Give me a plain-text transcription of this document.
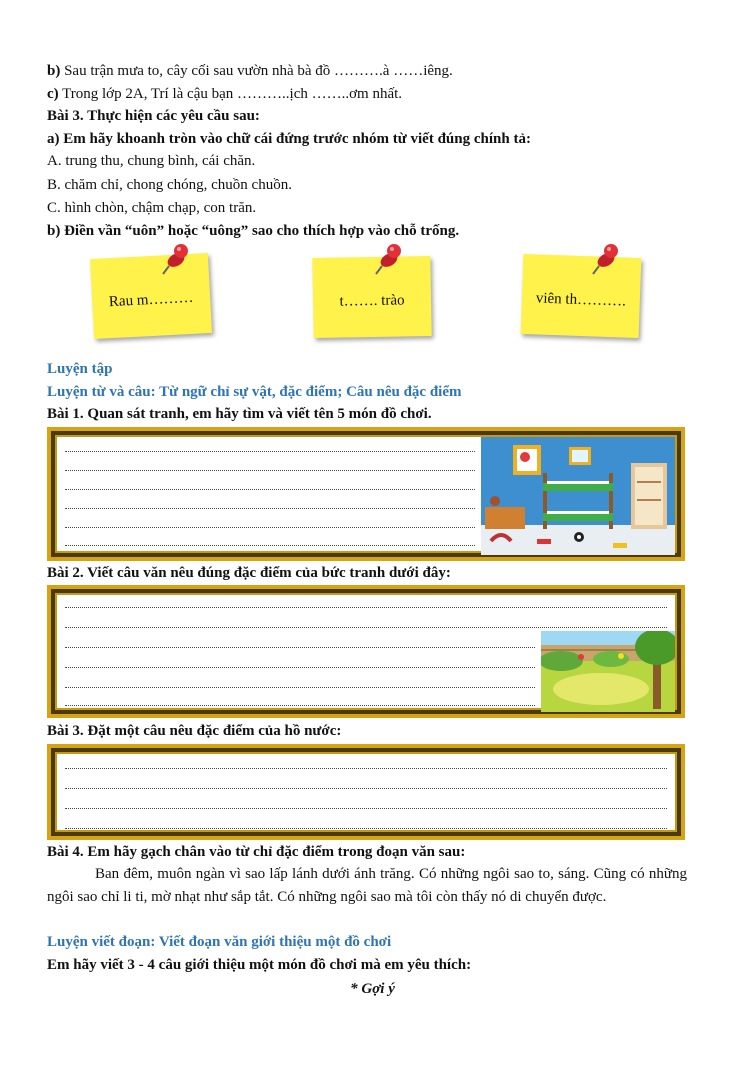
b) Sau trận mưa to, cây cối sau vườn nhà bà đồ ……….à ……iêng.
c) Trong lớp 2A, Trí là cậu bạn ………..ịch ……..ơm nhất.
Bài 3. Thực hiện các yêu cầu sau:
a) Em hãy khoanh tròn vào chữ cái đứng trước nhóm từ viết đúng chính tả:
A. trung thu, chung bình, cái chăn.
B. chăm chỉ, chong chóng, chuồn chuồn.
C. hình chòn, chậm chạp, con trăn.
b) Điền vần “uôn” hoặc “uông” sao cho thích hợp vào chỗ trống.
Rau m………	t……. trào	viên th……….
Luyện tập
Luyện từ và câu: Từ ngữ chỉ sự vật, đặc điểm; Câu nêu đặc điểm
Bài 1. Quan sát tranh, em hãy tìm và viết tên 5 món đồ chơi.
Bài 2. Viết câu văn nêu đúng đặc điểm của bức tranh dưới đây:
Bài 3. Đặt một câu nêu đặc điểm của hồ nước:
Bài 4. Em hãy gạch chân vào từ chỉ đặc điểm trong đoạn văn sau:
Ban đêm, muôn ngàn vì sao lấp lánh dưới ánh trăng. Có những ngôi sao to, sáng. Cũng có những ngôi sao chỉ li ti, mờ nhạt như sắp tắt. Có những ngôi sao mà tôi còn thấy nó di chuyển được.
Luyện viết đoạn: Viết đoạn văn giới thiệu một đồ chơi
Em hãy viết 3 - 4 câu giới thiệu một món đồ chơi mà em yêu thích:
* Gợi ý
